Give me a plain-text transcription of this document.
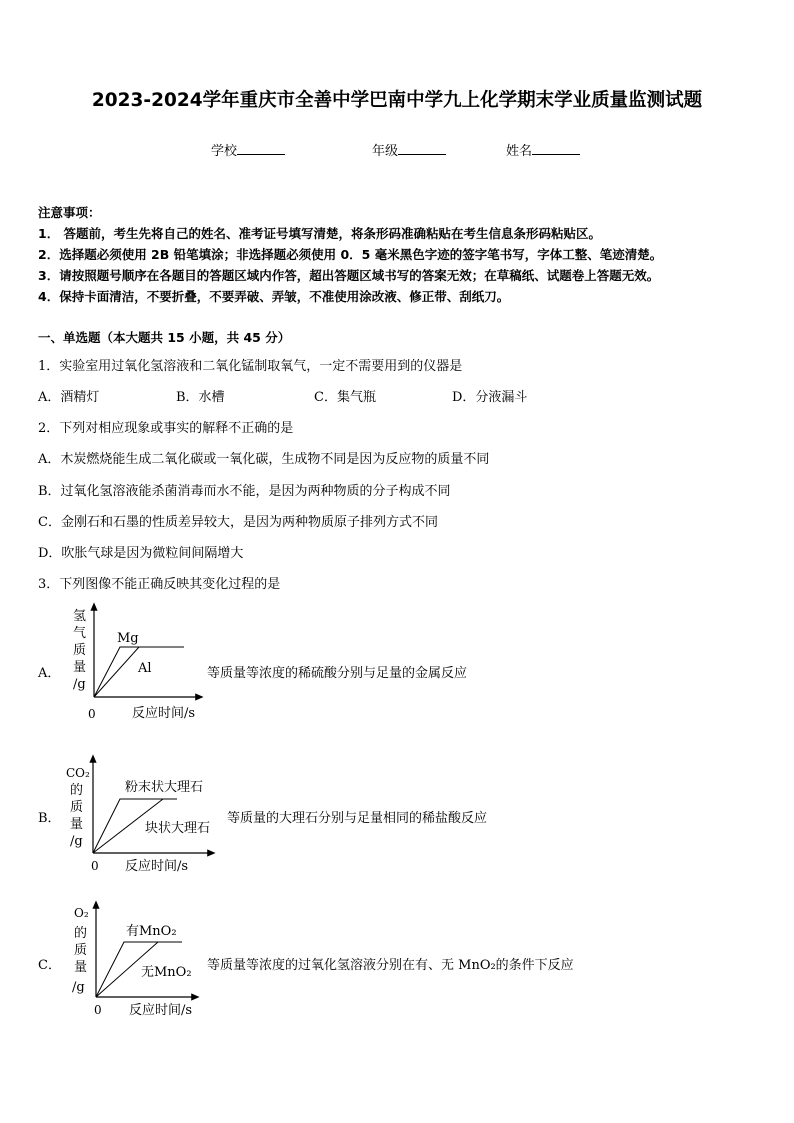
2023-2024学年重庆市全善中学巴南中学九上化学期末学业质量监测试题
学校	年级	姓名
注意事项：
1． 答题前，考生先将自己的姓名、准考证号填写清楚，将条形码准确粘贴在考生信息条形码粘贴区。
2．选择题必须使用 2B 铅笔填涂；非选择题必须使用 0．5 毫米黑色字迹的签字笔书写，字体工整、笔迹清楚。
3．请按照题号顺序在各题目的答题区域内作答，超出答题区域书写的答案无效；在草稿纸、试题卷上答题无效。
4．保持卡面清洁，不要折叠，不要弄破、弄皱，不准使用涂改液、修正带、刮纸刀。
一、单选题（本大题共 15 小题，共 45 分）
1．实验室用过氧化氢溶液和二氧化锰制取氧气，一定不需要用到的仪器是
A．酒精灯	B．水槽	C．集气瓶	D．分液漏斗
2．下列对相应现象或事实的解释不正确的是
A．木炭燃烧能生成二氧化碳或一氧化碳，生成物不同是因为反应物的质量不同
B．过氧化氢溶液能杀菌消毒而水不能，是因为两种物质的分子构成不同
C．金刚石和石墨的性质差异较大，是因为两种物质原子排列方式不同
D．吹胀气球是因为微粒间间隔增大
3．下列图像不能正确反映其变化过程的是
A．
氢
气
质
量
/g
0	反应时间/s
Mg
Al	等质量等浓度的稀硫酸分别与足量的金属反应
B．
CO₂
的
质
量
/g
0 反应时间/s
粉末状大理石
块状大理石
等质量的大理石分别与足量相同的稀盐酸反应
C．
O₂
的
质
量
/g
0 反应时间/s
有MnO₂
无MnO₂ 等质量等浓度的过氧化氢溶液分别在有、无 MnO₂的条件下反应
